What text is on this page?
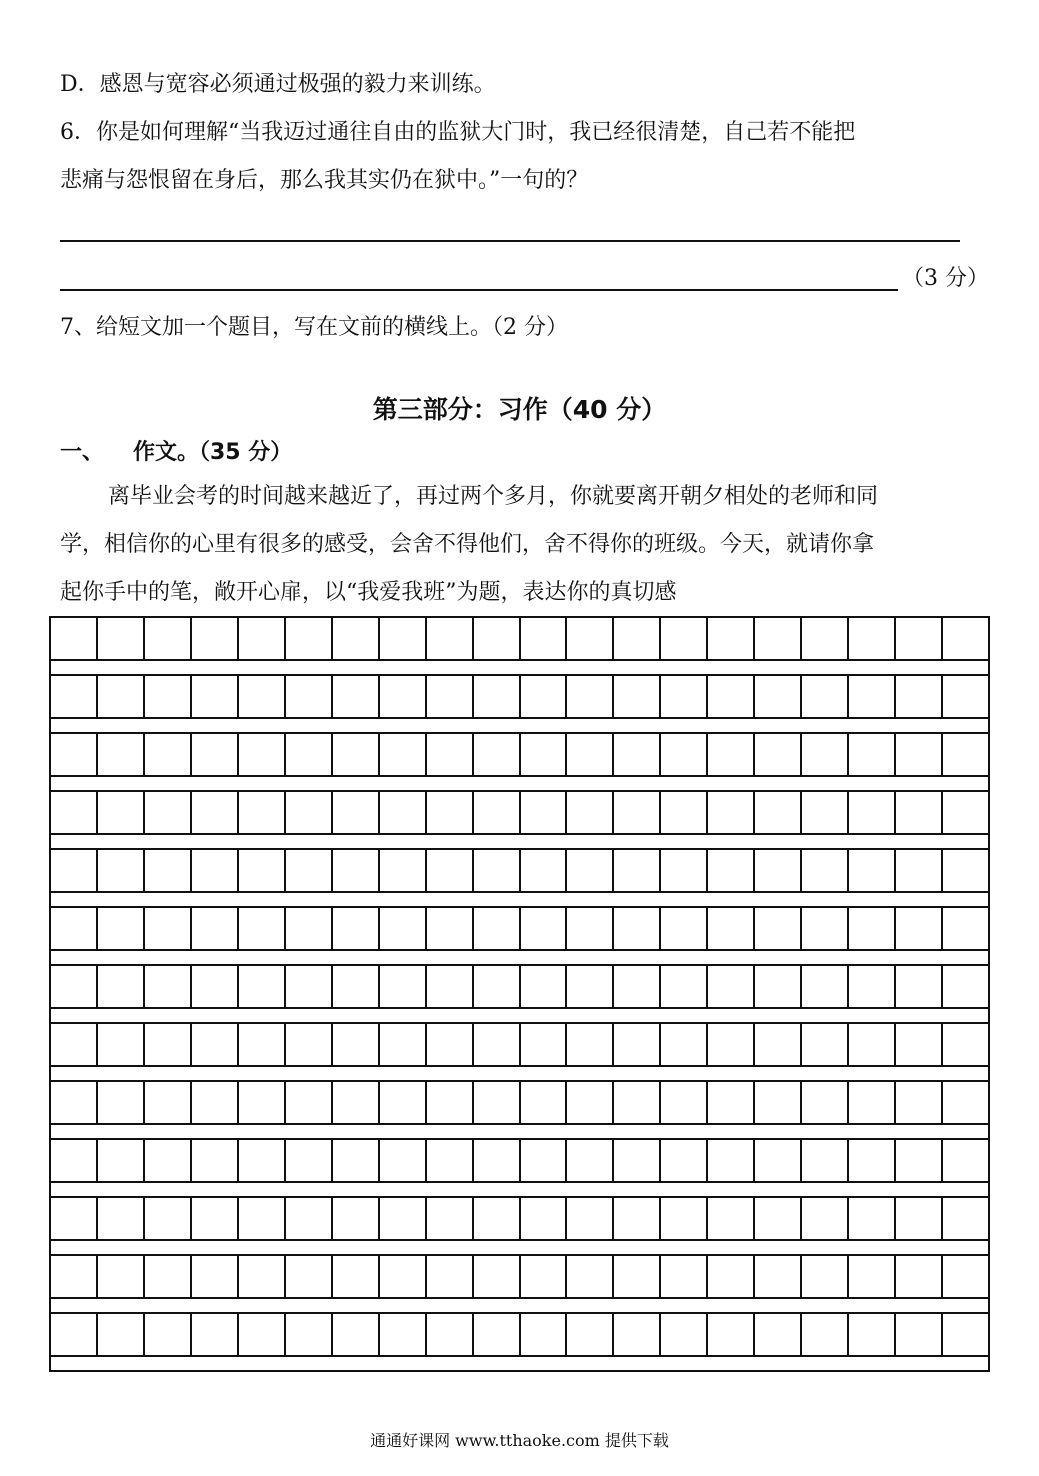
D．感恩与宽容必须通过极强的毅力来训练。
6．你是如何理解“当我迈过通往自由的监狱大门时，我已经很清楚，自己若不能把
悲痛与怨恨留在身后，那么我其实仍在狱中。”一句的？
（3 分）
7、给短文加一个题目，写在文前的横线上。（2 分）
第三部分：习作（40 分）
一、 作文。（35 分）
离毕业会考的时间越来越近了，再过两个多月，你就要离开朝夕相处的老师和同
学，相信你的心里有很多的感受，会舍不得他们，舍不得你的班级。今天，就请你拿
起你手中的笔，敞开心扉，以“我爱我班”为题，表达你的真切感
通通好课网 www.tthaoke.com 提供下载
